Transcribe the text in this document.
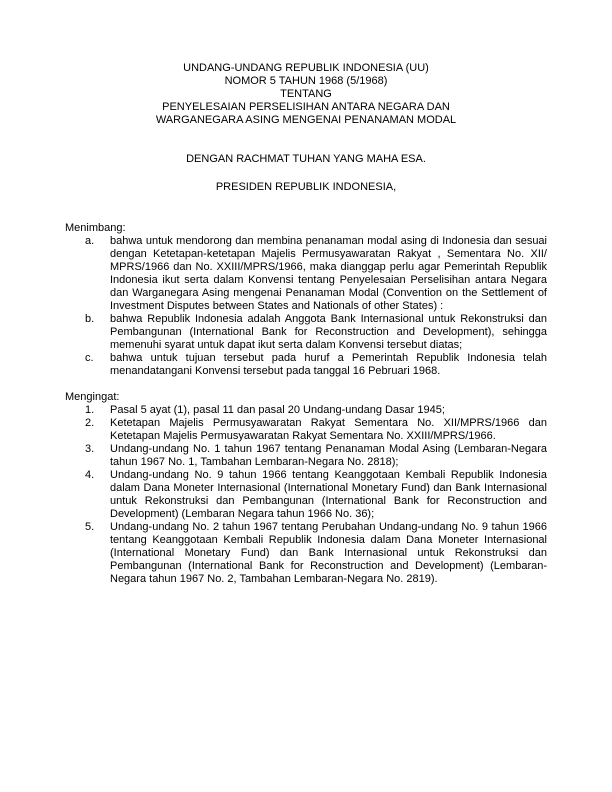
UNDANG-UNDANG REPUBLIK INDONESIA (UU)
NOMOR 5 TAHUN 1968 (5/1968)
TENTANG
PENYELESAIAN PERSELISIHAN ANTARA NEGARA DAN
WARGANEGARA ASING MENGENAI PENANAMAN MODAL
DENGAN RACHMAT TUHAN YANG MAHA ESA.
PRESIDEN REPUBLIK INDONESIA,
Menimbang:
a. bahwa untuk mendorong dan membina penanaman modal asing di Indonesia dan sesuai dengan Ketetapan-ketetapan Majelis Permusyawaratan Rakyat , Sementara No. XII/ MPRS/1966 dan No. XXIII/MPRS/1966, maka dianggap perlu agar Pemerintah Republik Indonesia ikut serta dalam Konvensi tentang Penyelesaian Perselisihan antara Negara dan Warganegara Asing mengenai Penanaman Modal (Convention on the Settlement of Investment Disputes between States and Nationals of other States) :
b. bahwa Republik Indonesia adalah Anggota Bank Internasional untuk Rekonstruksi dan Pembangunan (International Bank for Reconstruction and Development), sehingga memenuhi syarat untuk dapat ikut serta dalam Konvensi tersebut diatas;
c. bahwa untuk tujuan tersebut pada huruf a Pemerintah Republik Indonesia telah menandatangani Konvensi tersebut pada tanggal 16 Pebruari 1968.
Mengingat:
1. Pasal 5 ayat (1), pasal 11 dan pasal 20 Undang-undang Dasar 1945;
2. Ketetapan Majelis Permusyawaratan Rakyat Sementara No. XII/MPRS/1966 dan Ketetapan Majelis Permusyawaratan Rakyat Sementara No. XXIII/MPRS/1966.
3. Undang-undang No. 1 tahun 1967 tentang Penanaman Modal Asing (Lembaran-Negara tahun 1967 No. 1, Tambahan Lembaran-Negara No. 2818);
4. Undang-undang No. 9 tahun 1966 tentang Keanggotaan Kembali Republik Indonesia dalam Dana Moneter Internasional (International Monetary Fund) dan Bank Internasional untuk Rekonstruksi dan Pembangunan (International Bank for Reconstruction and Development) (Lembaran Negara tahun 1966 No. 36);
5. Undang-undang No. 2 tahun 1967 tentang Perubahan Undang-undang No. 9 tahun 1966 tentang Keanggotaan Kembali Republik Indonesia dalam Dana Moneter Internasional (International Monetary Fund) dan Bank Internasional untuk Rekonstruksi dan Pembangunan (International Bank for Reconstruction and Development) (Lembaran-Negara tahun 1967 No. 2, Tambahan Lembaran-Negara No. 2819).
